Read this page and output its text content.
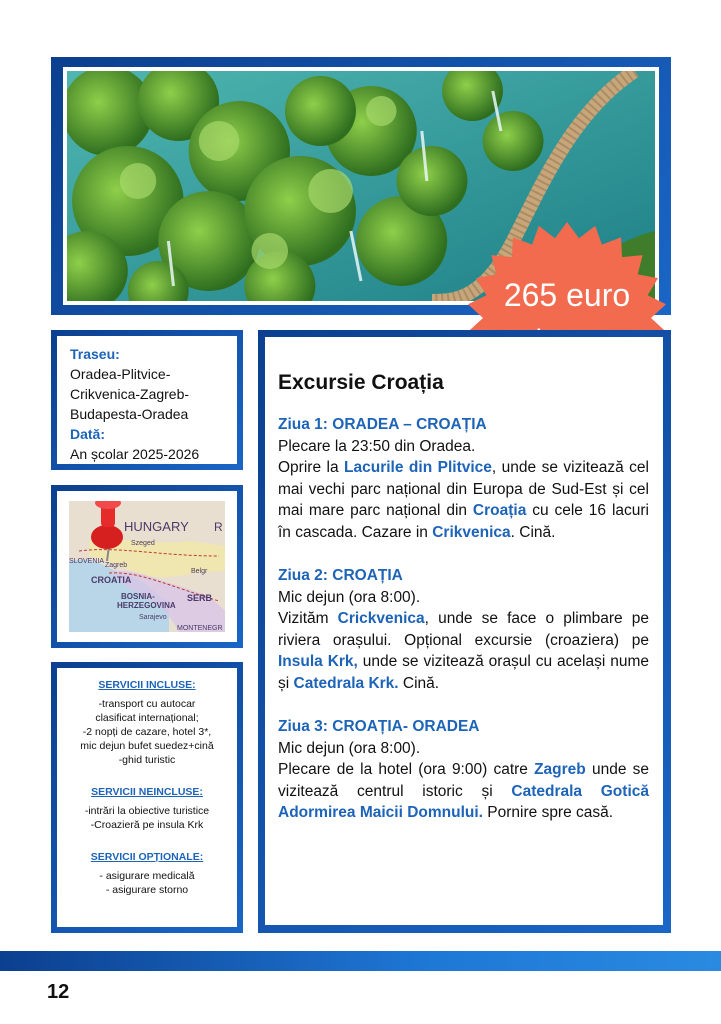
265 euro
Traseu:
Oradea-Plitvice-
Crikvenica-Zagreb-
Budapesta-Oradea
Dată:
An școlar 2025-2026
HUNGARY
Szeged
CROATIA
BOSNIA-
HERZEGOVINA
SERB
Sarajevo
Zagreb
Belgr
MONTENEGR
SLOVENIA
R
SERVICII INCLUSE:
-transport cu autocar
clasificat internațional;
-2 nopți de cazare, hotel 3*,
mic dejun bufet suedez+cină
-ghid turistic
SERVICII NEINCLUSE:
-intrări la obiective turistice
-Croazieră pe insula Krk
SERVICII OPȚIONALE:
- asigurare medicală
- asigurare storno
Excursie Croația
Ziua 1: ORADEA – CROAȚIA
Plecare la 23:50 din Oradea.

Oprire la Lacurile din Plitvice, unde se vizitează cel mai vechi parc național din Europa de Sud-Est și cel mai mare parc național din Croația cu cele 16 lacuri în cascada. Cazare in Crikvenica. Cină.

Ziua 2: CROAȚIA
Mic dejun (ora 8:00).

Vizităm Crickvenica, unde se face o plimbare pe riviera orașului. Opțional excursie (croaziera) pe Insula Krk, unde se vizitează orașul cu același nume și Catedrala Krk. Cină.

Ziua 3: CROAȚIA- ORADEA
Mic dejun (ora 8:00).

Plecare de la hotel (ora 9:00) catre Zagreb unde se vizitează centrul istoric și Catedrala Gotică Adormirea Maicii Domnului. Pornire spre casă.

12
